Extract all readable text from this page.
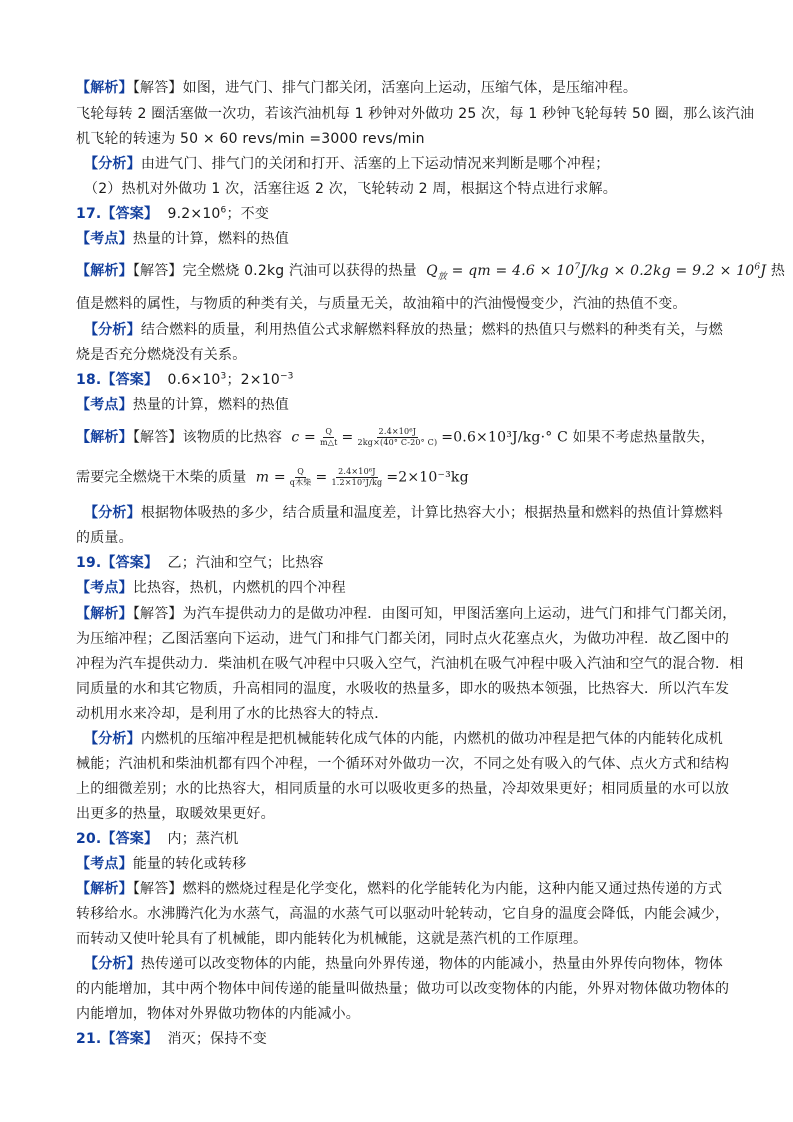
【解析】【解答】如图，进气门、排气门都关闭，活塞向上运动，压缩气体，是压缩冲程。
飞轮每转 2 圈活塞做一次功，若该汽油机每 1 秒钟对外做功 25 次，每 1 秒钟飞轮每转 50 圈，那么该汽油
机飞轮的转速为 50 × 60 revs/min =3000 revs/min
【分析】由进气门、排气门的关闭和打开、活塞的上下运动情况来判断是哪个冲程；
（2）热机对外做功 1 次，活塞往返 2 次，飞轮转动 2 周，根据这个特点进行求解。
17.【答案】 $9.2\times 10^6$；不变
【考点】热量的计算，燃料的热值
【解析】【解答】完全燃烧 0.2kg 汽油可以获得的热量 $Q_放$ = qm = $4.6 \times 10^7J/kg \times 0.2kg = 9.2 \times 10^6J$ 热
值是燃料的属性，与物质的种类有关，与质量无关，故油箱中的汽油慢慢变少，汽油的热值不变。
【分析】结合燃料的质量，利用热值公式求解燃料释放的热量；燃料的热值只与燃料的种类有关，与燃
烧是否充分燃烧没有关系。
18.【答案】 $0.6\times 10^3$；$2\times 10^{-3}$
【考点】热量的计算，燃料的热值
【解析】【解答】该物质的比热容 $c = \frac{Q}{m\triangle t} = \frac{\text{2.4×10⁶J}}{2kg\times(40^\circ C-20^\circ C)} =0.6\times 10^3J/kg\cdot^\circ$ C 如果不考虑热量散失，
需要完全燃烧干木柴的质量 $m = \frac{Q}{\text{q木柴}} = \frac{\text{2.4×10⁶J}}{\text{1.2×10⁷J/kg}} =2\times 10^{-3}kg$
【分析】根据物体吸热的多少，结合质量和温度差，计算比热容大小；根据热量和燃料的热值计算燃料
的质量。
19.【答案】 乙；汽油和空气；比热容
【考点】比热容，热机，内燃机的四个冲程
【解析】【解答】为汽车提供动力的是做功冲程．由图可知，甲图活塞向上运动，进气门和排气门都关闭，
为压缩冲程；乙图活塞向下运动，进气门和排气门都关闭，同时点火花塞点火，为做功冲程．故乙图中的
冲程为汽车提供动力．柴油机在吸气冲程中只吸入空气，汽油机在吸气冲程中吸入汽油和空气的混合物．相
同质量的水和其它物质，升高相同的温度，水吸收的热量多，即水的吸热本领强，比热容大．所以汽车发
动机用水来冷却，是利用了水的比热容大的特点．
【分析】内燃机的压缩冲程是把机械能转化成气体的内能，内燃机的做功冲程是把气体的内能转化成机
械能；汽油机和柴油机都有四个冲程，一个循环对外做功一次，不同之处有吸入的气体、点火方式和结构
上的细微差别；水的比热容大，相同质量的水可以吸收更多的热量，冷却效果更好；相同质量的水可以放
出更多的热量，取暖效果更好。
20.【答案】 内；蒸汽机
【考点】能量的转化或转移
【解析】【解答】燃料的燃烧过程是化学变化，燃料的化学能转化为内能，这种内能又通过热传递的方式
转移给水。水沸腾汽化为水蒸气，高温的水蒸气可以驱动叶轮转动，它自身的温度会降低，内能会减少，
而转动又使叶轮具有了机械能，即内能转化为机械能，这就是蒸汽机的工作原理。
【分析】热传递可以改变物体的内能，热量向外界传递，物体的内能减小，热量由外界传向物体，物体
的内能增加，其中两个物体中间传递的能量叫做热量；做功可以改变物体的内能，外界对物体做功物体的
内能增加，物体对外界做功物体的内能减小。
21.【答案】 消灭；保持不变
